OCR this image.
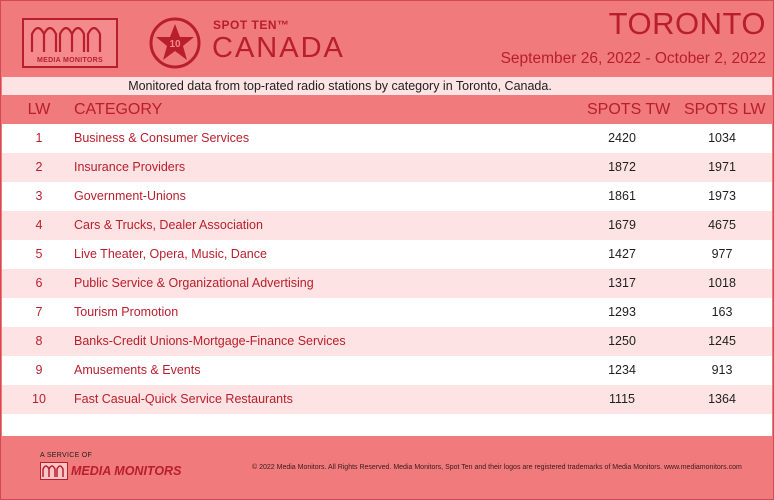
MEDIA MONITORS
10
SPOT TEN™
CANADA
TORONTO
September 26, 2022 - October 2, 2022
Monitored data from top-rated radio stations by category in Toronto, Canada.
LW CATEGORY	SPOTS TW SPOTS LW
1	Business & Consumer Services	2420	1034
2	Insurance Providers	1872	1971
3	Government-Unions	1861	1973
4	Cars & Trucks, Dealer Association	1679	4675
5	Live Theater, Opera, Music, Dance	1427	977
6	Public Service & Organizational Advertising	1317	1018
7	Tourism Promotion	1293	163
8	Banks-Credit Unions-Mortgage-Finance Services	1250	1245
9	Amusements & Events	1234	913
10	Fast Casual-Quick Service Restaurants	1115	1364
A SERVICE OF
MEDIA MONITORS	© 2022 Media Monitors. All Rights Reserved. Media Monitors, Spot Ten and their logos are registered trademarks of Media Monitors. www.mediamonitors.com
